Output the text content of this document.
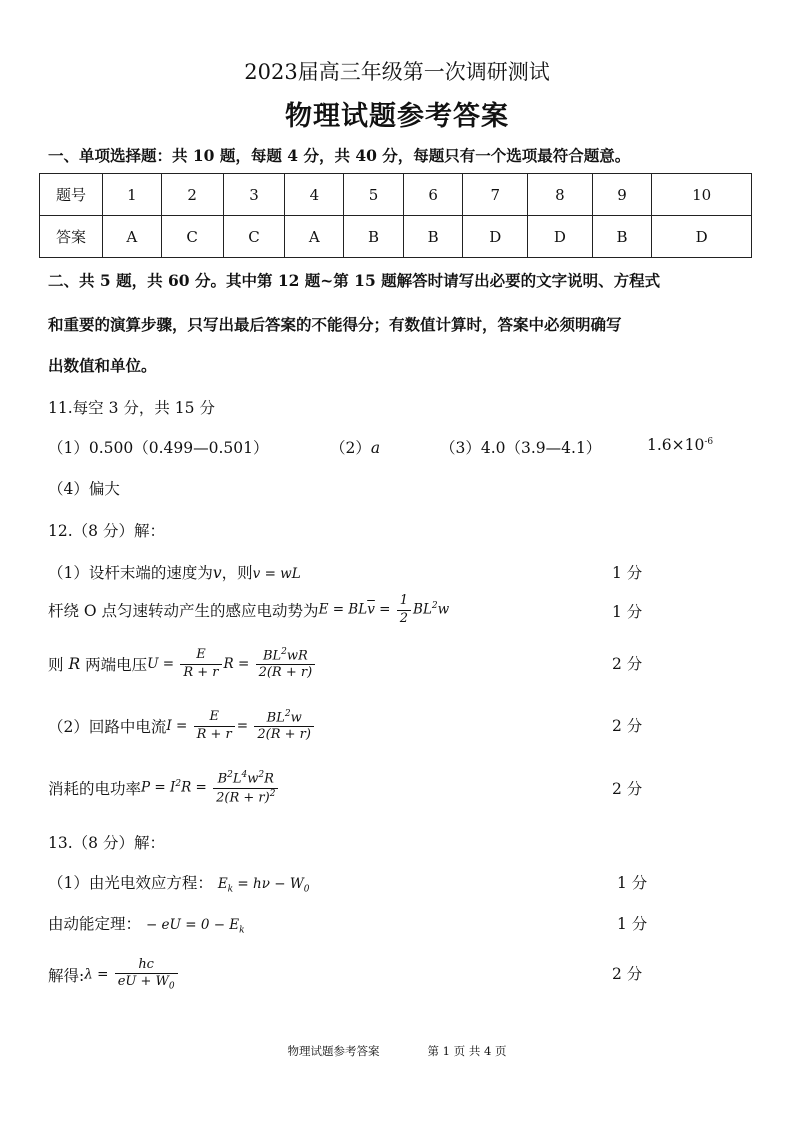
2023届高三年级第一次调研测试
物理试题参考答案
一、单项选择题：共 10 题，每题 4 分，共 40 分，每题只有一个选项最符合题意。
题号	1	2	3	4	5	6	7	8	9	10
答案	A	C	C	A	B	B	D	D	B	D
二、共 5 题，共 60 分。其中第 12 题~第 15 题解答时请写出必要的文字说明、方程式
和重要的演算步骤，只写出最后答案的不能得分；有数值计算时，答案中必须明确写
出数值和单位。
11.每空 3 分，共 15 分
（1）0.500（0.499—0.501）	（2）a	（3）4.0（3.9—4.1）	$1.6\times 10^{-6}$
（4）偏大
12.（8 分）解：
（1）设杆末端的速度为v，则v = wL	1 分
杆绕 O 点匀速转动产生的感应电动势为 $E = BL\overline{v} = \frac{1}{2} BL^2w$	1 分
则
R
两端电压 $U = \frac{E}{R + r}$ $R = \frac{BL^2wR}{2(R + r)}$	2 分
（2）回路中电流 $I = \frac{E}{R + r} = \frac{BL^2w}{2(R + r)}$	2 分
消耗的电功率 $P = I^2R = \frac{B^2L^4w^2R}{2(R + r)^2}$	2 分
13.（8 分）解：
（1）由光电效应方程： $E_k = h\nu - W_0$	1 分
由动能定理： − eU = $0 - E_k$	1 分
解得: $\lambda = \frac{hc}{eU + W_0}$	2 分
物理试题参考答案	第 1 页 共 4 页
